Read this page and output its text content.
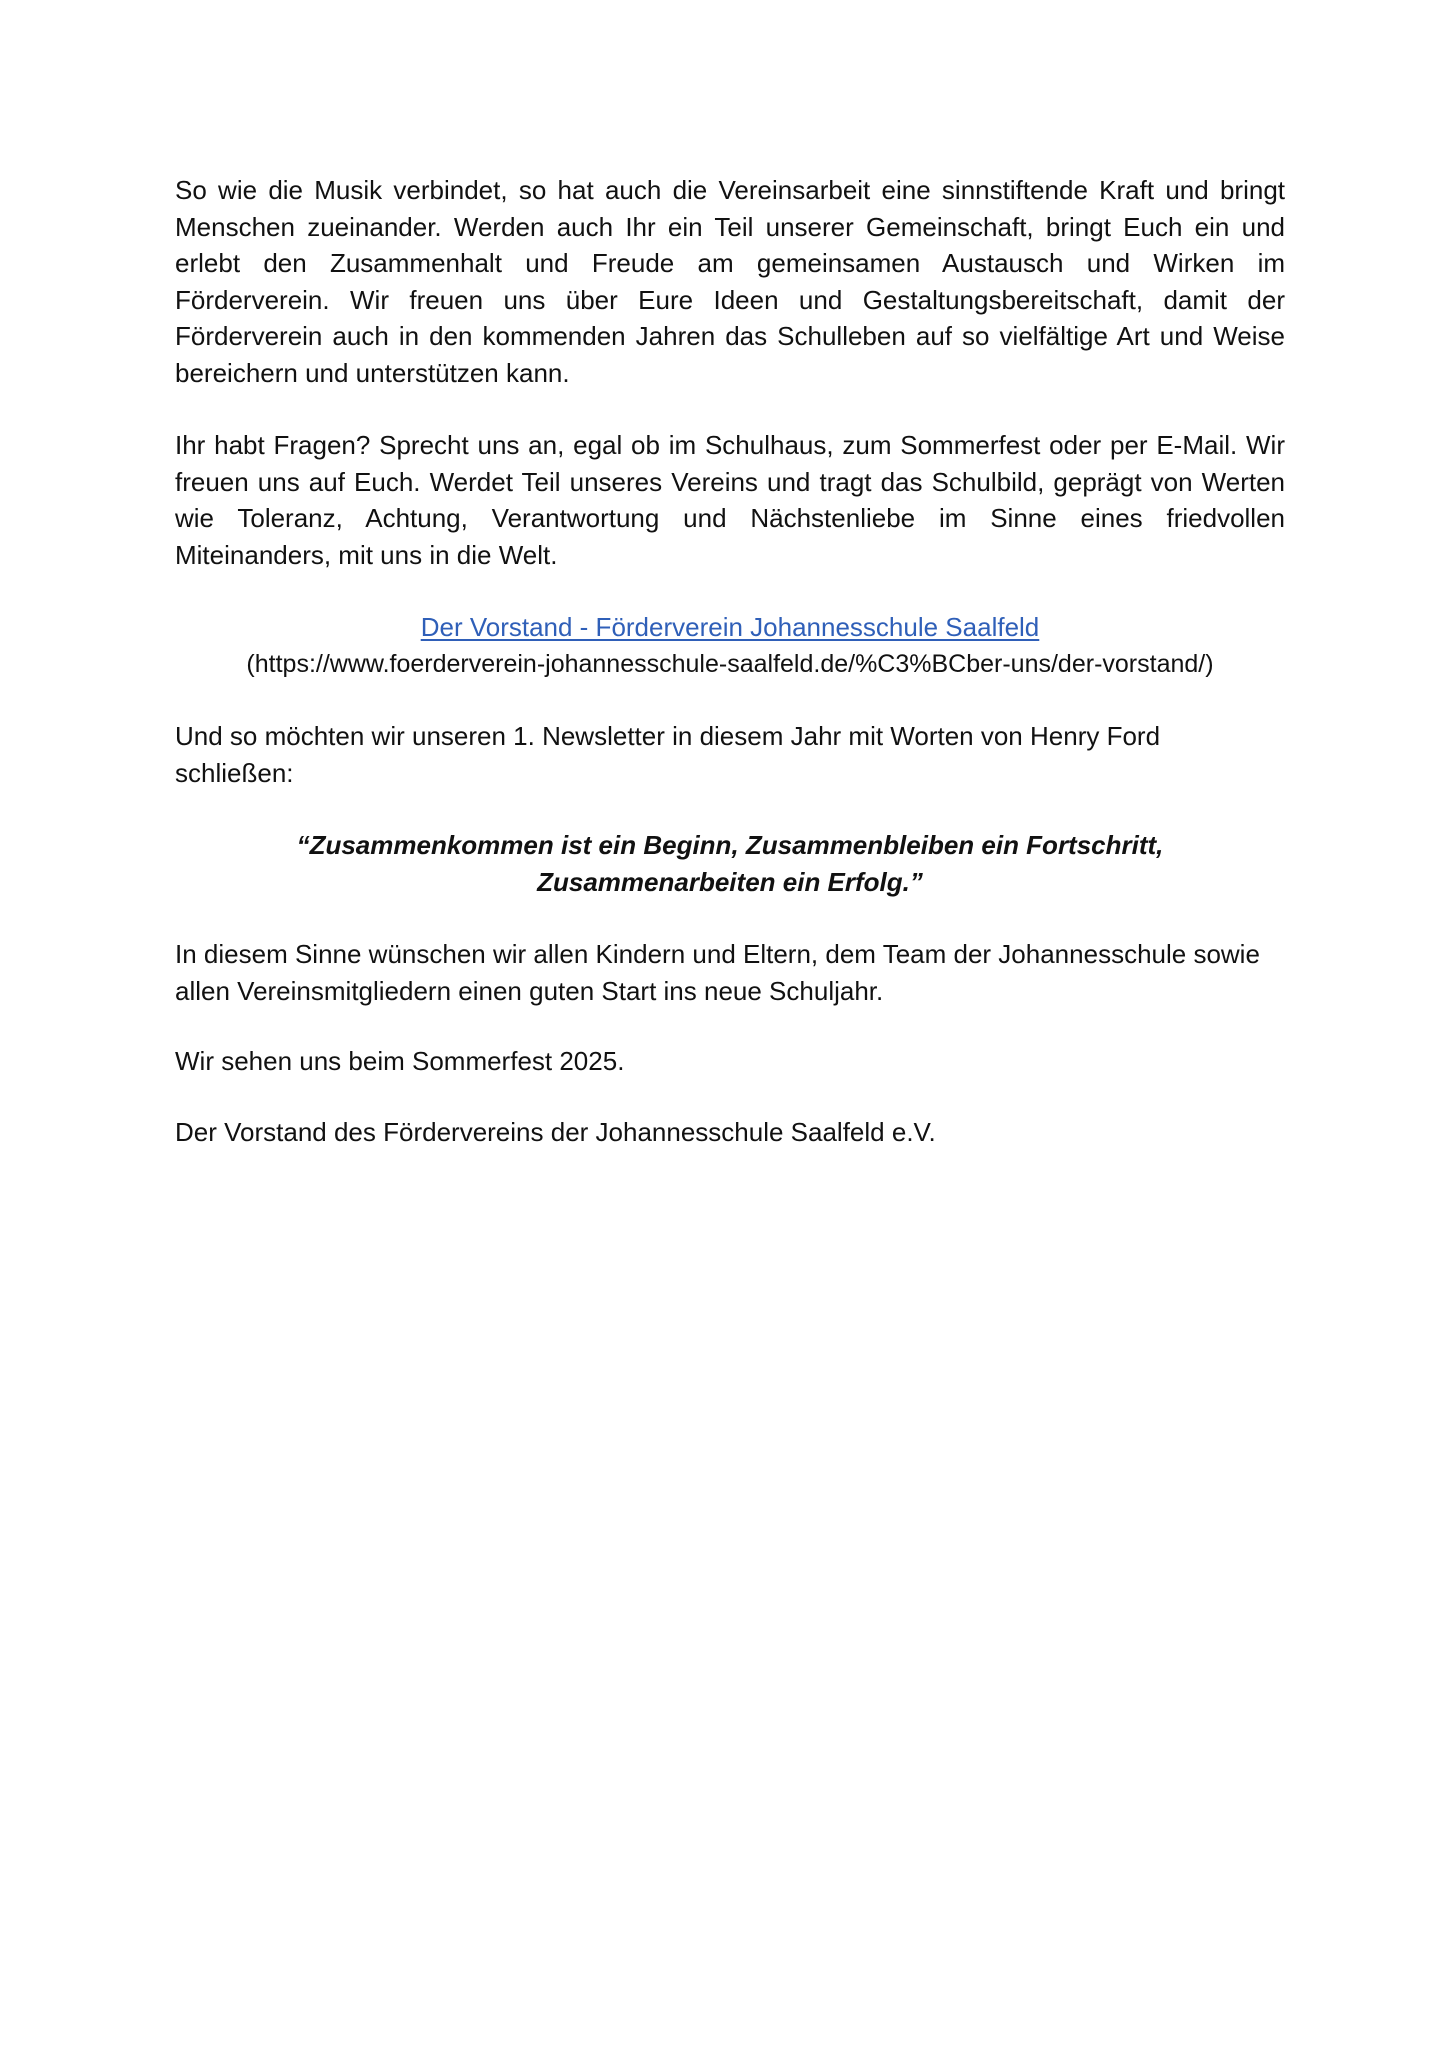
So wie die Musik verbindet, so hat auch die Vereinsarbeit eine sinnstiftende Kraft und bringt Menschen zueinander. Werden auch Ihr ein Teil unserer Gemeinschaft, bringt Euch ein und erlebt den Zusammenhalt und Freude am gemeinsamen Austausch und Wirken im Förderverein. Wir freuen uns über Eure Ideen und Gestaltungsbereitschaft, damit der Förderverein auch in den kommenden Jahren das Schulleben auf so vielfältige Art und Weise bereichern und unterstützen kann.

Ihr habt Fragen? Sprecht uns an, egal ob im Schulhaus, zum Sommerfest oder per E-Mail. Wir freuen uns auf Euch. Werdet Teil unseres Vereins und tragt das Schulbild, geprägt von Werten wie Toleranz, Achtung, Verantwortung und Nächstenliebe im Sinne eines friedvollen Miteinanders, mit uns in die Welt.

Der Vorstand - Förderverein Johannesschule Saalfeld
(https://www.foerderverein-johannesschule-saalfeld.de/%C3%BCber-uns/der-vorstand/)

Und so möchten wir unseren 1. Newsletter in diesem Jahr mit Worten von Henry Ford schließen:

“Zusammenkommen ist ein Beginn, Zusammenbleiben ein Fortschritt, Zusammenarbeiten ein Erfolg.”

In diesem Sinne wünschen wir allen Kindern und Eltern, dem Team der Johannesschule sowie allen Vereinsmitgliedern einen guten Start ins neue Schuljahr.

Wir sehen uns beim Sommerfest 2025.

Der Vorstand des Fördervereins der Johannesschule Saalfeld e.V.
